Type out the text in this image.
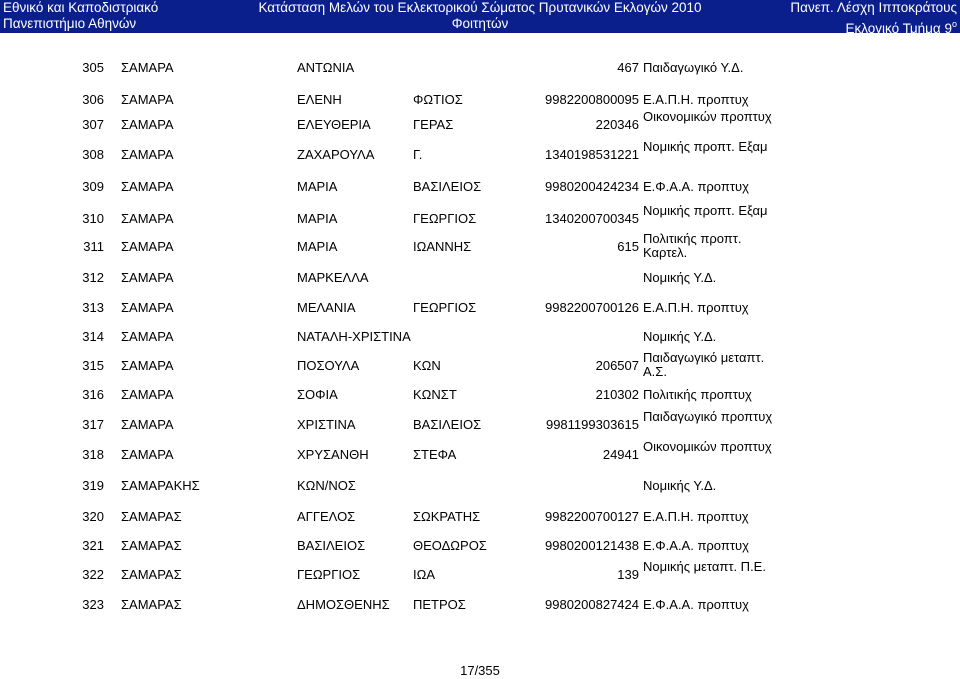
Εθνικό και Καποδιστριακό
Πανεπιστήμιο Αθηνών
Κατάσταση Μελών του Εκλεκτορικού Σώματος Πρυτανικών Εκλογών 2010
Φοιτητών
Πανεπ. Λέσχη Ιπποκράτους
Εκλογικό Τμήμα $9^o$
305 ΣΑΜΑΡΑ	ΑΝΤΩΝΙΑ	467 Παιδαγωγικό Υ.Δ.
306 ΣΑΜΑΡΑ	ΕΛΕΝΗ	ΦΩΤΙΟΣ	9982200800095 Ε.Α.Π.Η. προπτυχ
307 ΣΑΜΑΡΑ	ΕΛΕΥΘΕΡΙΑ	ΓΕΡΑΣ	220346
Οικονομικών προπτυχ
308 ΣΑΜΑΡΑ	ΖΑΧΑΡΟΥΛΑ	Γ.	1340198531221
Νομικής προπτ. Εξαμ
309 ΣΑΜΑΡΑ	ΜΑΡΙΑ	ΒΑΣΙΛΕΙΟΣ	9980200424234 Ε.Φ.Α.Α. προπτυχ
310 ΣΑΜΑΡΑ	ΜΑΡΙΑ	ΓΕΩΡΓΙΟΣ	1340200700345
Νομικής προπτ. Εξαμ
311 ΣΑΜΑΡΑ	ΜΑΡΙΑ	ΙΩΑΝΝΗΣ	615
Πολιτικής προπτ. Καρτελ.
312 ΣΑΜΑΡΑ	ΜΑΡΚΕΛΛΑ	Νομικής Υ.Δ.
313 ΣΑΜΑΡΑ	ΜΕΛΑΝΙΑ	ΓΕΩΡΓΙΟΣ	9982200700126 Ε.Α.Π.Η. προπτυχ
314 ΣΑΜΑΡΑ	ΝΑΤΑΛΗ-ΧΡΙΣΤΙΝΑ	Νομικής Υ.Δ.
315 ΣΑΜΑΡΑ	ΠΟΣΟΥΛΑ	ΚΩΝ	206507
Παιδαγωγικό μεταπτ. Α.Σ.
316 ΣΑΜΑΡΑ	ΣΟΦΙΑ	ΚΩΝΣΤ	210302 Πολιτικής προπτυχ
317 ΣΑΜΑΡΑ	ΧΡΙΣΤΙΝΑ	ΒΑΣΙΛΕΙΟΣ	9981199303615
Παιδαγωγικό προπτυχ
318 ΣΑΜΑΡΑ	ΧΡΥΣΑΝΘΗ	ΣΤΕΦΑ	24941
Οικονομικών προπτυχ
319 ΣΑΜΑΡΑΚΗΣ	ΚΩΝ/ΝΟΣ	Νομικής Υ.Δ.
320 ΣΑΜΑΡΑΣ	ΑΓΓΕΛΟΣ	ΣΩΚΡΑΤΗΣ	9982200700127 Ε.Α.Π.Η. προπτυχ
321 ΣΑΜΑΡΑΣ	ΒΑΣΙΛΕΙΟΣ	ΘΕΟΔΩΡΟΣ	9980200121438 Ε.Φ.Α.Α. προπτυχ
322 ΣΑΜΑΡΑΣ	ΓΕΩΡΓΙΟΣ	ΙΩΑ	139
Νομικής μεταπτ. Π.Ε.
323 ΣΑΜΑΡΑΣ	ΔΗΜΟΣΘΕΝΗΣ ΠΕΤΡΟΣ	9980200827424 Ε.Φ.Α.Α. προπτυχ
17/355
